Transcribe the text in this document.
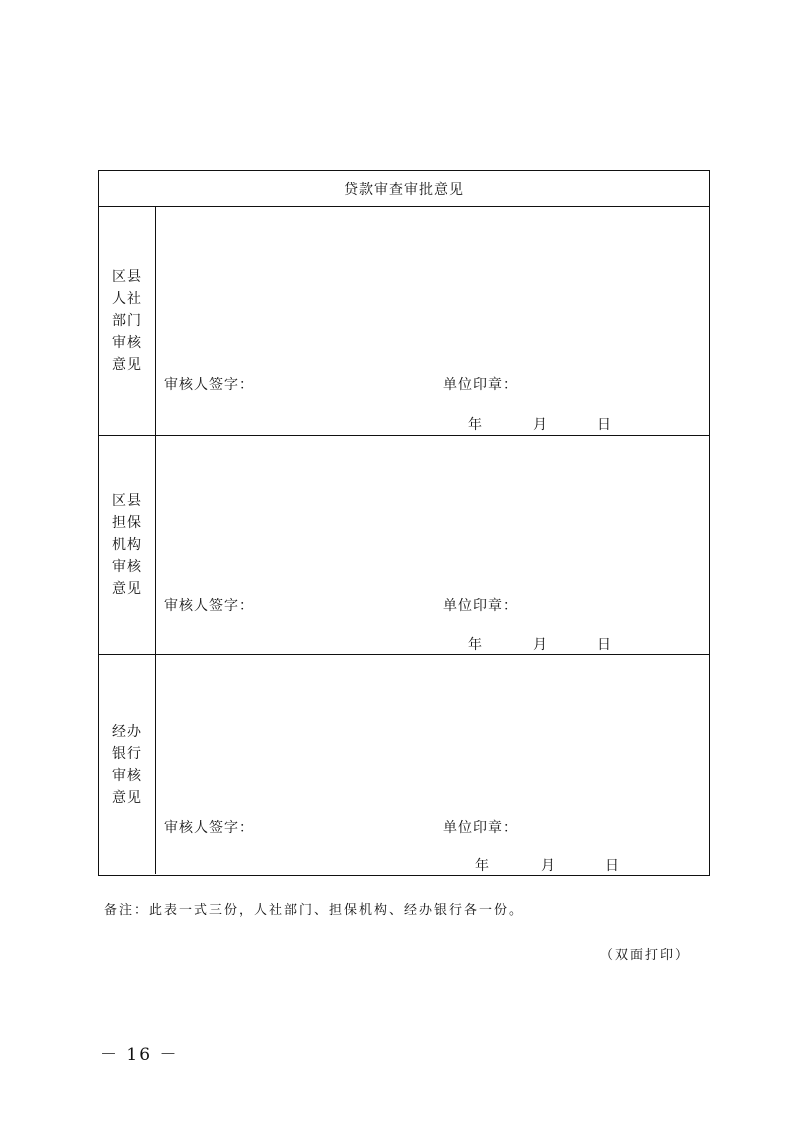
贷款审查审批意见
区县人社部门审核意见
审核人签字：	单位印章：
年	月	日
区县担保机构审核意见
审核人签字：	单位印章：
年	月	日
经办银行审核意见
审核人签字：	单位印章：
年	月	日
备注：此表一式三份，人社部门、担保机构、经办银行各一份。
（双面打印）
－ 16 －
